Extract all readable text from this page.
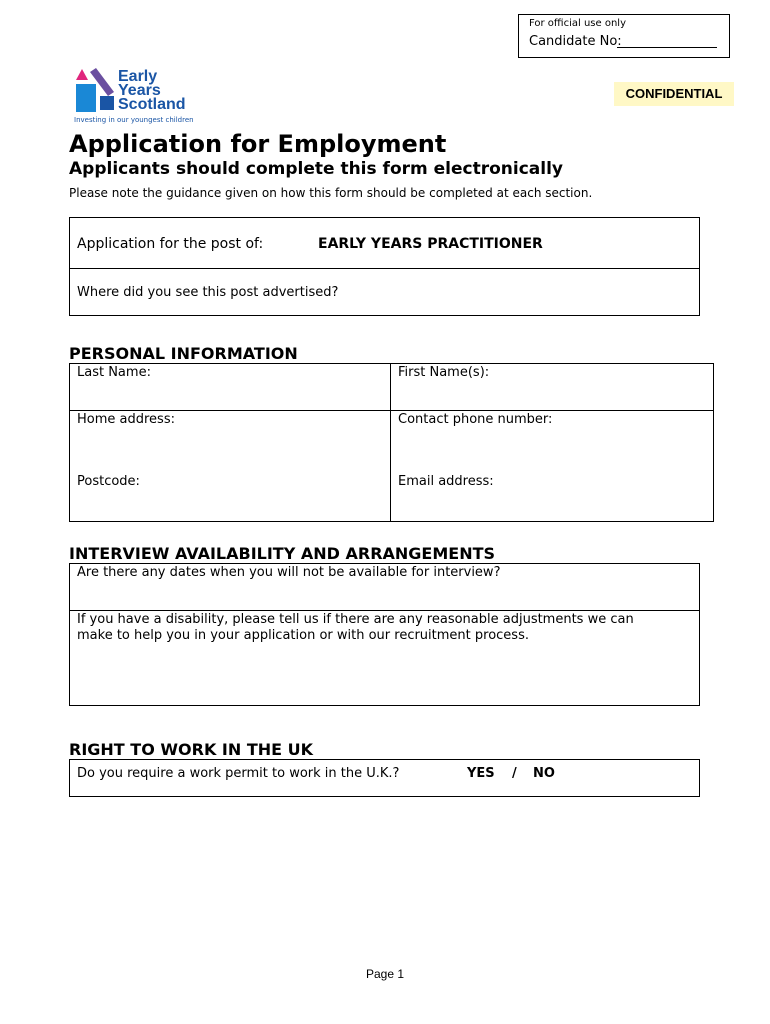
For official use only
Candidate No:
CONFIDENTIAL
Early
Years
Scotland
Investing in our youngest children
Application for Employment
Applicants should complete this form electronically
Please note the guidance given on how this form should be completed at each section.
Application for the post of:	EARLY YEARS PRACTITIONER
Where did you see this post advertised?
PERSONAL INFORMATION
Last Name:	First Name(s):
Home address:	Contact phone number:
Postcode:	Email address:
INTERVIEW AVAILABILITY AND ARRANGEMENTS
Are there any dates when you will not be available for interview?
If you have a disability, please tell us if there are any reasonable adjustments we can
make to help you in your application or with our recruitment process.
RIGHT TO WORK IN THE UK
Do you require a work permit to work in the U.K.?	YES / NO
Page 1
